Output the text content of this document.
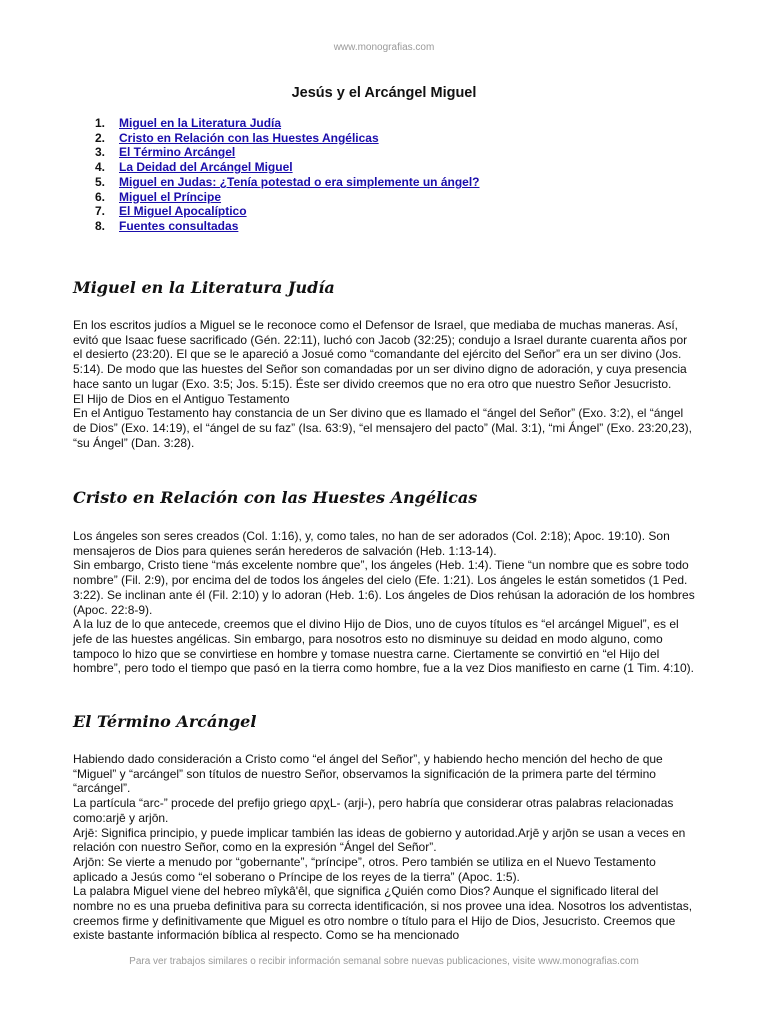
www.monografias.com
Jesús y el Arcángel Miguel
1.	Miguel en la Literatura Judía
2.	Cristo en Relación con las Huestes Angélicas
3.	El Término Arcángel
4.	La Deidad del Arcángel Miguel
5.	Miguel en Judas: ¿Tenía potestad o era simplemente un ángel?
6.	Miguel el Príncipe
7.	El Miguel Apocalíptico
8.	Fuentes consultadas
Miguel en la Literatura Judía

En los escritos judíos a Miguel se le reconoce como el Defensor de Israel, que mediaba de muchas maneras. Así, evitó que Isaac fuese sacrificado (Gén. 22:11), luchó con Jacob (32:25); condujo a Israel durante cuarenta años por el desierto (23:20). El que se le apareció a Josué como “comandante del ejército del Señor” era un ser divino (Jos. 5:14). De modo que las huestes del Señor son comandadas por un ser divino digno de adoración, y cuya presencia hace santo un lugar (Exo. 3:5; Jos. 5:15). Éste ser divido creemos que no era otro que nuestro Señor Jesucristo.

El Hijo de Dios en el Antiguo Testamento

En el Antiguo Testamento hay constancia de un Ser divino que es llamado el “ángel del Señor” (Exo. 3:2), el “ángel de Dios” (Exo. 14:19), el “ángel de su faz” (Isa. 63:9), “el mensajero del pacto” (Mal. 3:1), “mi Ángel” (Exo. 23:20,23), “su Ángel” (Dan. 3:28).

Cristo en Relación con las Huestes Angélicas

Los ángeles son seres creados (Col. 1:16), y, como tales, no han de ser adorados (Col. 2:18); Apoc. 19:10). Son mensajeros de Dios para quienes serán herederos de salvación (Heb. 1:13-14).

Sin embargo, Cristo tiene “más excelente nombre que”, los ángeles (Heb. 1:4). Tiene “un nombre que es sobre todo nombre” (Fil. 2:9), por encima del de todos los ángeles del cielo (Efe. 1:21). Los ángeles le están sometidos (1 Ped. 3:22). Se inclinan ante él (Fil. 2:10) y lo adoran (Heb. 1:6). Los ángeles de Dios rehúsan la adoración de los hombres (Apoc. 22:8-9).

A la luz de lo que antecede, creemos que el divino Hijo de Dios, uno de cuyos títulos es “el arcángel Miguel”, es el jefe de las huestes angélicas. Sin embargo, para nosotros esto no disminuye su deidad en modo alguno, como tampoco lo hizo que se convirtiese en hombre y tomase nuestra carne. Ciertamente se convirtió en “el Hijo del hombre”, pero todo el tiempo que pasó en la tierra como hombre, fue a la vez Dios manifiesto en carne (1 Tim. 4:10).

El Término Arcángel

Habiendo dado consideración a Cristo como “el ángel del Señor”, y habiendo hecho mención del hecho de que “Miguel” y “arcángel” son títulos de nuestro Señor, observamos la significación de la primera parte del término “arcángel”.

La partícula “arc-” procede del prefijo griego αρχL- (arji-), pero habría que considerar otras palabras relacionadas como:arjē y arjōn.

Arjē: Significa principio, y puede implicar también las ideas de gobierno y autoridad.Arjē y arjōn se usan a veces en relación con nuestro Señor, como en la expresión “Ángel del Señor”.

Arjōn: Se vierte a menudo por “gobernante”, “príncipe”, otros. Pero también se utiliza en el Nuevo Testamento aplicado a Jesús como “el soberano o Príncipe de los reyes de la tierra” (Apoc. 1:5).

La palabra Miguel viene del hebreo mîykâ'êl, que significa ¿Quién como Dios? Aunque el significado literal del nombre no es una prueba definitiva para su correcta identificación, si nos provee una idea. Nosotros los adventistas, creemos firme y definitivamente que Miguel es otro nombre o título para el Hijo de Dios, Jesucristo. Creemos que existe bastante información bíblica al respecto. Como se ha mencionado

Para ver trabajos similares o recibir información semanal sobre nuevas publicaciones, visite www.monografias.com
